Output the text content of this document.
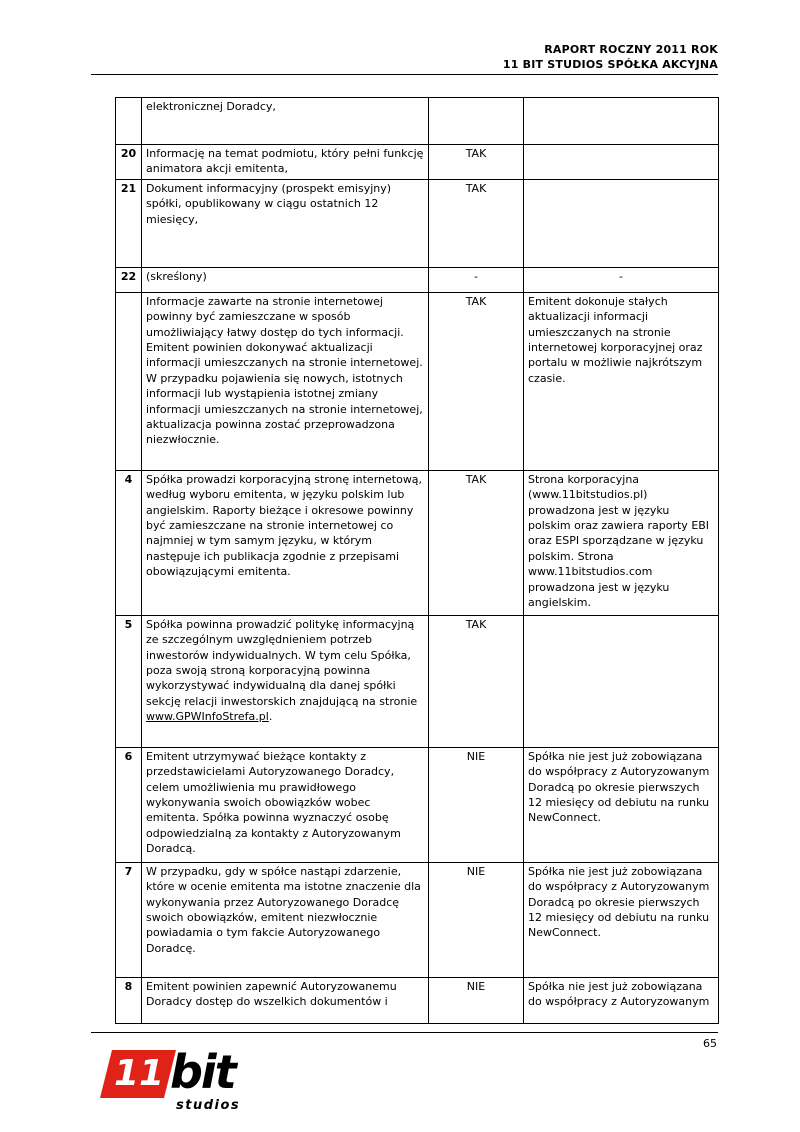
RAPORT ROCZNY 2011 ROK
11 BIT STUDIOS SPÓŁKA AKCYJNA
	elektronicznej Doradcy,		
20	Informację na temat podmiotu, który pełni funkcję animatora akcji emitenta,	TAK	
21	Dokument informacyjny (prospekt emisyjny) spółki, opublikowany w ciągu ostatnich 12 miesięcy,	TAK	
22	(skreślony)	-	-
	Informacje zawarte na stronie internetowej powinny być zamieszczane w sposób umożliwiający łatwy dostęp do tych informacji. Emitent powinien dokonywać aktualizacji informacji umieszczanych na stronie internetowej. W przypadku pojawienia się nowych, istotnych informacji lub wystąpienia istotnej zmiany informacji umieszczanych na stronie internetowej, aktualizacja powinna zostać przeprowadzona niezwłocznie.	TAK	Emitent dokonuje stałych aktualizacji informacji umieszczanych na stronie internetowej korporacyjnej oraz portalu w możliwie najkrótszym czasie.
4	Spółka prowadzi korporacyjną stronę internetową, według wyboru emitenta, w języku polskim lub angielskim. Raporty bieżące i okresowe powinny być zamieszczane na stronie internetowej co najmniej w tym samym języku, w którym następuje ich publikacja zgodnie z przepisami obowiązującymi emitenta.	TAK	Strona korporacyjna (www.11bitstudios.pl) prowadzona jest w języku polskim oraz zawiera raporty EBI oraz ESPI sporządzane w języku polskim. Strona www.11bitstudios.com prowadzona jest w języku angielskim.
5	Spółka powinna prowadzić politykę informacyjną ze szczególnym uwzględnieniem potrzeb inwestorów indywidualnych. W tym celu Spółka, poza swoją stroną korporacyjną powinna wykorzystywać indywidualną dla danej spółki sekcję relacji inwestorskich znajdującą na stronie www.GPWInfoStrefa.pl.	TAK	
6	Emitent utrzymywać bieżące kontakty z przedstawicielami Autoryzowanego Doradcy, celem umożliwienia mu prawidłowego wykonywania swoich obowiązków wobec emitenta. Spółka powinna wyznaczyć osobę odpowiedzialną za kontakty z Autoryzowanym Doradcą.	NIE	Spółka nie jest już zobowiązana do współpracy z Autoryzowanym Doradcą po okresie pierwszych 12 miesięcy od debiutu na runku NewConnect.
7	W przypadku, gdy w spółce nastąpi zdarzenie, które w ocenie emitenta ma istotne znaczenie dla wykonywania przez Autoryzowanego Doradcę swoich obowiązków, emitent niezwłocznie powiadamia o tym fakcie Autoryzowanego Doradcę.	NIE	Spółka nie jest już zobowiązana do współpracy z Autoryzowanym Doradcą po okresie pierwszych 12 miesięcy od debiutu na runku NewConnect.
8	Emitent powinien zapewnić Autoryzowanemu Doradcy dostęp do wszelkich dokumentów i	NIE	Spółka nie jest już zobowiązana do współpracy z Autoryzowanym
65
11 bit
studios
